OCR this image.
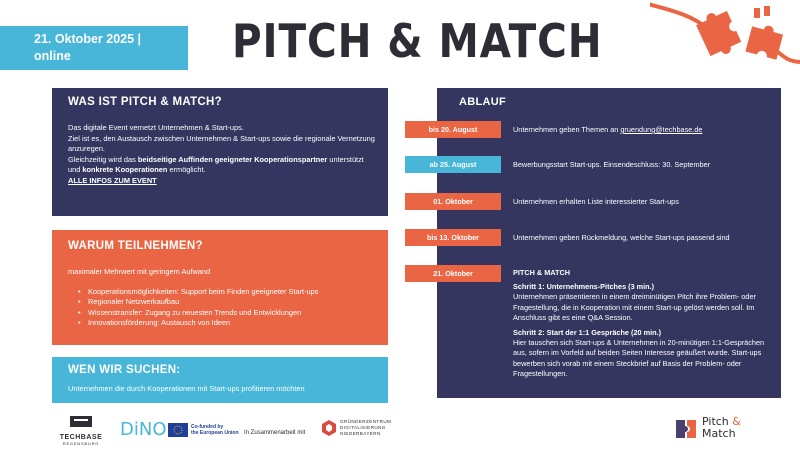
21. Oktober 2025 |
online	PITCH & MATCH
WAS IST PITCH & MATCH?

Das digitale Event vernetzt Unternehmen & Start-ups.

Ziel ist es, den Austausch zwischen Unternehmen & Start-ups sowie die regionale Vernetzung anzuregen.

Gleichzeitig wird das beidseitige Auffinden geeigneter Kooperationspartner unterstützt und konkrete Kooperationen ermöglicht.

ALLE INFOS ZUM EVENT

WARUM TEILNEHMEN?

maximaler Mehrwert mit geringem Aufwand

• Kooperationsmöglichkeiten: Support beim Finden geeigneter Start-ups
• Regionaler Netzwerkaufbau
• Wissenstransfer: Zugang zu neuesten Trends und Entwicklungen
• Innovationsförderung: Austausch von Ideen
WEN WIR SUCHEN:

Unternehmen die durch Kooperationen mit Start-ups profitieren möchten

ABLAUF
bis 20. August	Unternehmen geben Themen an gruendung@techbase.de
ab 25. August	Bewerbungsstart Start-ups. Einsendeschluss: 30. September
01. Oktober	Unternehmen erhalten Liste interessierter Start-ups
bis 13. Oktober	Unternehmen geben Rückmeldung, welche Start-ups passend sind
21. Oktober	PITCH & MATCH

Schritt 1: Unternehmens-Pitches (3 min.)
Unternehmen präsentieren in einem dreiminütigen Pitch ihre Problem- oder Fragestellung, die in Kooperation mit einem Start-up gelöst werden soll. Im Anschluss gibt es eine Q&A Session.
Schritt 2: Start der 1:1 Gespräche (20 min.)
Hier tauschen sich Start-ups & Unternehmen in 20-minütigen 1:1-Gesprächen aus, sofern im Vorfeld auf beiden Seiten Interesse geäußert wurde. Start-ups bewerben sich vorab mit einem Steckbrief auf Basis der Problem- oder Fragestellungen.
TECHBASE
REGENSBURG
DiNO	Co-funded by
the European Union In Zusammenarbeit mit
GRÜNDERZENTRUM
DIGITALISIERUNG
NIEDERBAYERN
Pitch &
Match
